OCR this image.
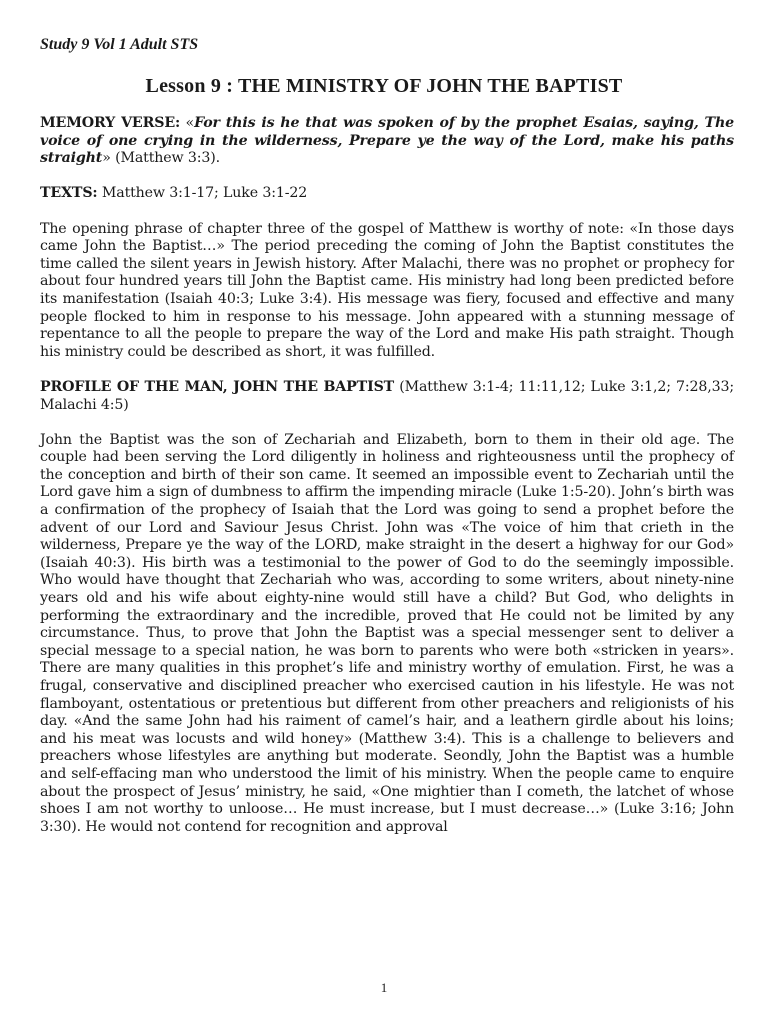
Study 9 Vol 1 Adult STS
Lesson 9 : THE MINISTRY OF JOHN THE BAPTIST

MEMORY VERSE: «For this is he that was spoken of by the prophet Esaias, saying, The voice of one crying in the wilderness, Prepare ye the way of the Lord, make his paths straight» (Matthew 3:3).

TEXTS: Matthew 3:1-17; Luke 3:1-22

The opening phrase of chapter three of the gospel of Matthew is worthy of note: «In those days came John the Baptist…» The period preceding the coming of John the Baptist constitutes the time called the silent years in Jewish history. After Malachi, there was no prophet or prophecy for about four hundred years till John the Baptist came. His ministry had long been predicted before its manifestation (Isaiah 40:3; Luke 3:4). His message was fiery, focused and effective and many people flocked to him in response to his message. John appeared with a stunning message of repentance to all the people to prepare the way of the Lord and make His path straight. Though his ministry could be described as short, it was fulfilled.

PROFILE OF THE MAN, JOHN THE BAPTIST (Matthew 3:1-4; 11:11,12; Luke 3:1,2; 7:28,33; Malachi 4:5)

John the Baptist was the son of Zechariah and Elizabeth, born to them in their old age. The couple had been serving the Lord diligently in holiness and righteousness until the prophecy of the conception and birth of their son came. It seemed an impossible event to Zechariah until the Lord gave him a sign of dumbness to affirm the impending miracle (Luke 1:5-20). John’s birth was a confirmation of the prophecy of Isaiah that the Lord was going to send a prophet before the advent of our Lord and Saviour Jesus Christ. John was «The voice of him that crieth in the wilderness, Prepare ye the way of the LORD, make straight in the desert a highway for our God» (Isaiah 40:3). His birth was a testimonial to the power of God to do the seemingly impossible. Who would have thought that Zechariah who was, according to some writers, about ninety-nine years old and his wife about eighty-nine would still have a child? But God, who delights in performing the extraordinary and the incredible, proved that He could not be limited by any circumstance. Thus, to prove that John the Baptist was a special messenger sent to deliver a special message to a special nation, he was born to parents who were both «stricken in years». There are many qualities in this prophet’s life and ministry worthy of emulation. First, he was a frugal, conservative and disciplined preacher who exercised caution in his lifestyle. He was not flamboyant, ostentatious or pretentious but different from other preachers and religionists of his day. «And the same John had his raiment of camel’s hair, and a leathern girdle about his loins; and his meat was locusts and wild honey» (Matthew 3:4). This is a challenge to believers and preachers whose lifestyles are anything but moderate. Seondly, John the Baptist was a humble and self-effacing man who understood the limit of his ministry. When the people came to enquire about the prospect of Jesus’ ministry, he said, «One mightier than I cometh, the latchet of whose shoes I am not worthy to unloose… He must increase, but I must decrease…» (Luke 3:16; John 3:30). He would not contend for recognition and approval

1
